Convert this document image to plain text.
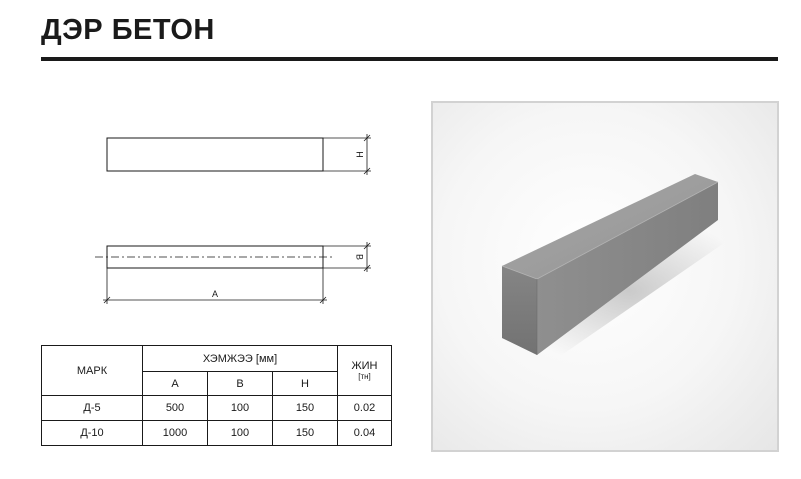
ДЭР БЕТОН
H
B
A
МАРК	ХЭМЖЭЭ [мм]			ЖИН
[тн]

	A	B	H	
Д-5	500	100	150	0.02
Д-10	1000	100	150	0.04
